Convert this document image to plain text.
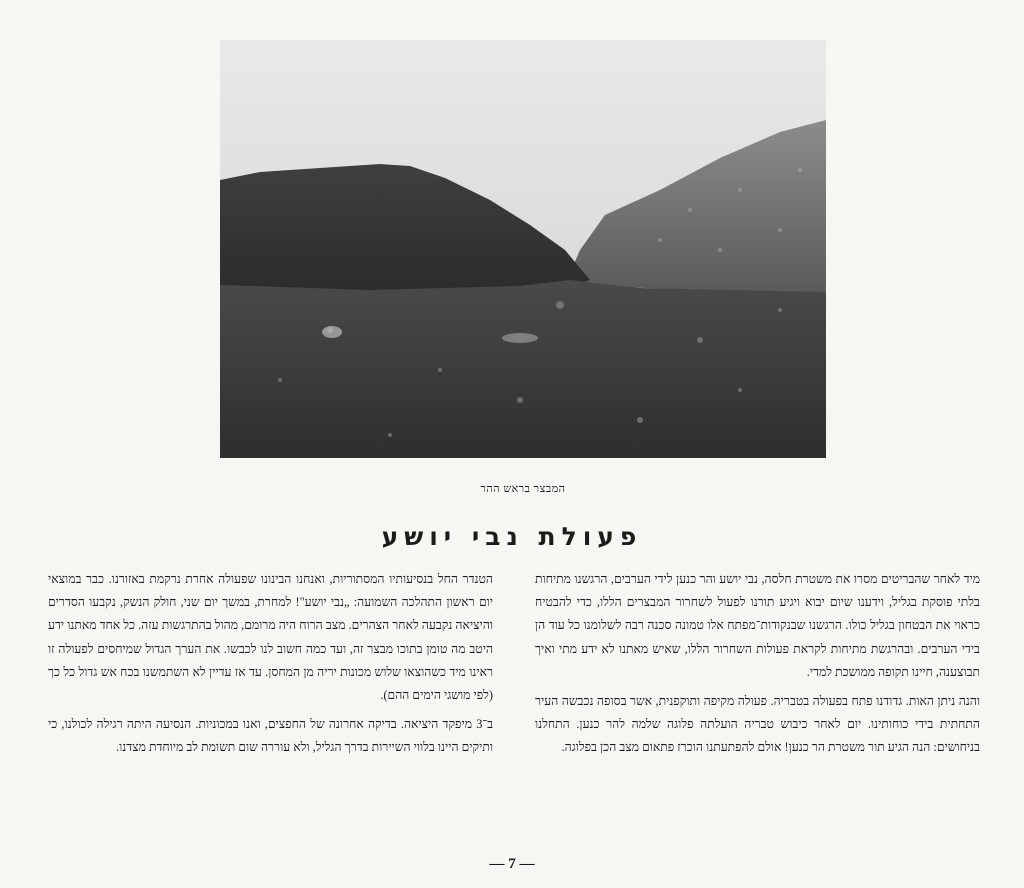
המבצר בראש ההר
פעולת נבי יושע

מיד לאחר שהבריטים מסרו את משטרת חלסה, נבי יושע והר כנען לידי הערבים, הרגשנו מתיחות בלתי פוסקת בגליל, וידענו שיום יבוא ויגיע תורנו לפעול לשחרור המבצרים הללו, כדי להבטיח כראוי את הבטחון בגליל כולו. הרגשנו שבנקודות־מפתח אלו טמונה סכנה רבה לשלומנו כל עוד הן בידי הערבים. ובהרגשת מתיחות לקראת פעולות השחרור הללו, שאיש מאתנו לא ידע מתי ואיך תבוצענה, חיינו תקופה ממושכת למדי.

והנה ניתן האות. גדודנו פתח בפעולה בטבריה. פעולה מקיפה ותוקפנית, אשר בסופה נכבשה העיר התחתית בידי כוחותינו. יום לאחר כיבוש טבריה הועלתה פלוגה שלמה להר כנען. התחלנו בניחושים: הנה הגיע תור משטרת הר כנען! אולם להפתעתנו הוכרז פתאום מצב הכן בפלוגה.

הטנדר החל בנסיעותיו המסתוריות, ואנחנו הבינונו שפעולה אחרת נרקמת באזורנו. כבר במוצאי יום ראשון התהלכה השמועה: „נבי יושע"! למחרת, במשך יום שני, חולק הנשק, נקבעו הסדרים והיציאה נקבעה לאחר הצהרים. מצב הרוח היה מרומם, מהול בהתרגשות עזה. כל אחד מאתנו ידע היטב מה טומן בתוכו מבצר זה, ועד כמה חשוב לנו לכבשו. את הערך הגדול שמיחסים לפעולה זו ראינו מיד כשהוצאו שלוש מכונות יריה מן המחסן. עד אז עדיין לא השתמשנו בכח אש גדול כל כך (לפי מושגי הימים ההם).

ב־3 מיפקד היציאה. בדיקה אחרונה של החפצים, ואנו במכוניות. הנסיעה היתה רגילה לכולנו, כי ותיקים היינו בלווי השיירות בדרך הגליל, ולא עוררה שום תשומת לב מיוחדת מצדנו.

— 7 —
